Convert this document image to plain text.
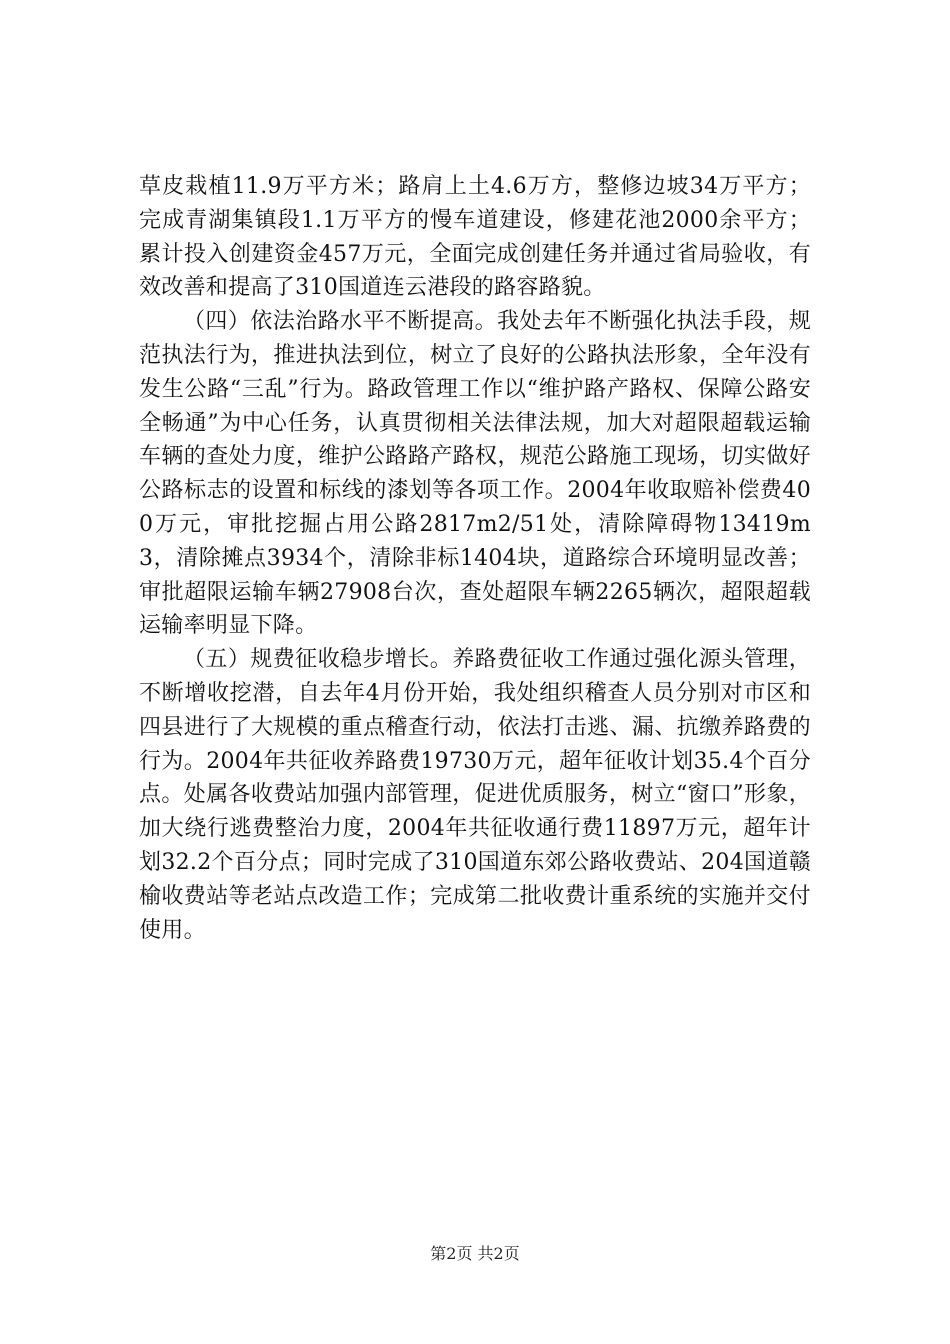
草皮栽植11.9万平方米；路肩上土4.6万方，整修边坡34万平方；完成青湖集镇段1.1万平方的慢车道建设，修建花池2000余平方；累计投入创建资金457万元，全面完成创建任务并通过省局验收，有效改善和提高了310国道连云港段的路容路貌。

（四）依法治路水平不断提高。我处去年不断强化执法手段，规范执法行为，推进执法到位，树立了良好的公路执法形象，全年没有发生公路“三乱”行为。路政管理工作以“维护路产路权、保障公路安全畅通”为中心任务，认真贯彻相关法律法规，加大对超限超载运输车辆的查处力度，维护公路路产路权，规范公路施工现场，切实做好公路标志的设置和标线的漆划等各项工作。2004年收取赔补偿费400万元，审批挖掘占用公路2817m2/51处，清除障碍物13419m3，清除摊点3934个，清除非标1404块，道路综合环境明显改善；审批超限运输车辆27908台次，查处超限车辆2265辆次，超限超载运输率明显下降。

（五）规费征收稳步增长。养路费征收工作通过强化源头管理，不断增收挖潜，自去年4月份开始，我处组织稽查人员分别对市区和四县进行了大规模的重点稽查行动，依法打击逃、漏、抗缴养路费的行为。2004年共征收养路费19730万元，超年征收计划35.4个百分点。处属各收费站加强内部管理，促进优质服务，树立“窗口”形象，加大绕行逃费整治力度，2004年共征收通行费11897万元，超年计划32.2个百分点；同时完成了310国道东郊公路收费站、204国道赣榆收费站等老站点改造工作；完成第二批收费计重系统的实施并交付使用。

第2页 共2页
